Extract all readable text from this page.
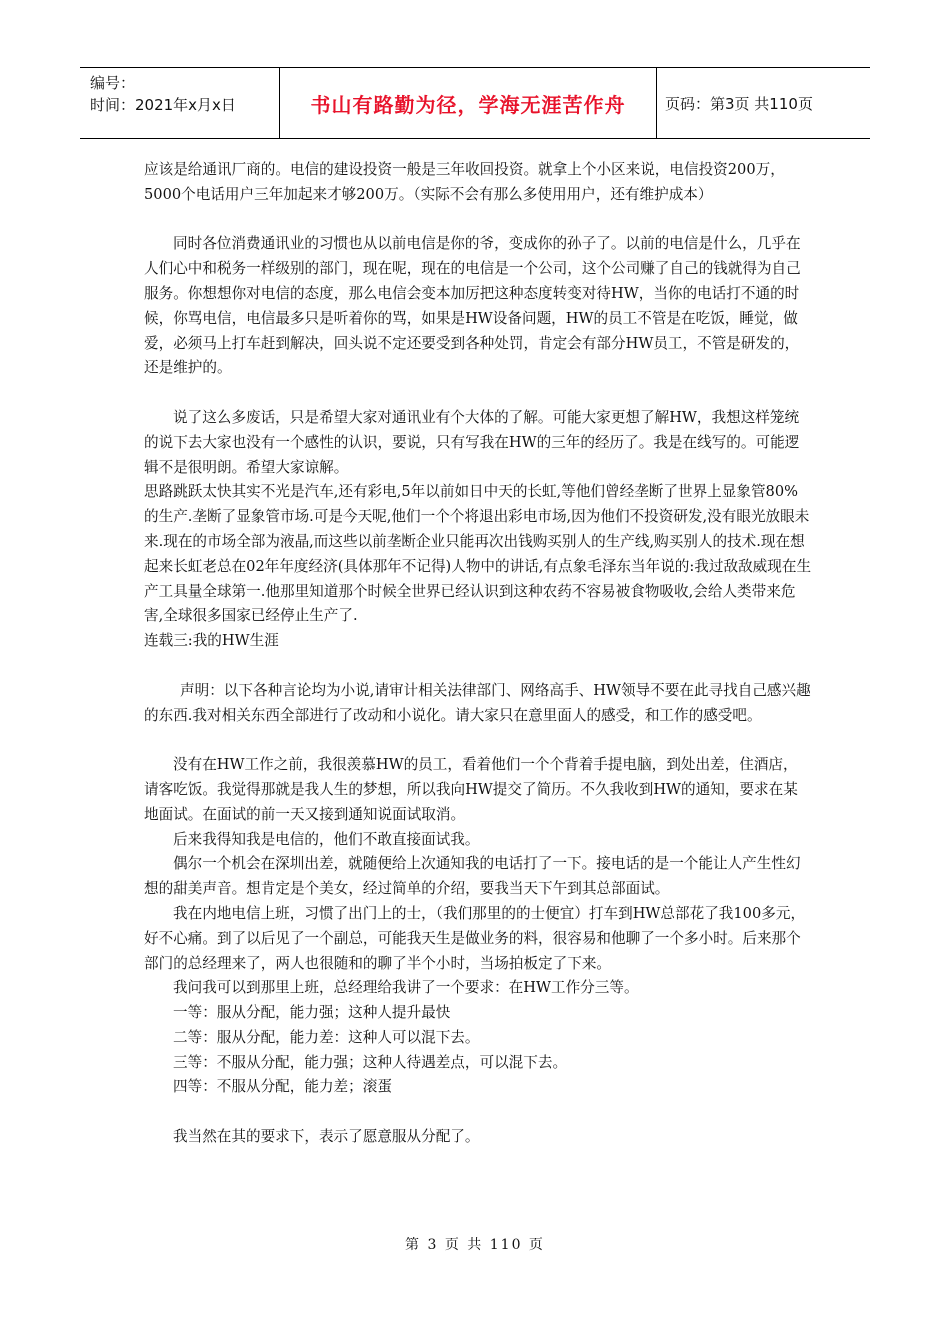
编号：
时间：2021年x月x日	书山有路勤为径，学海无涯苦作舟	页码：第3页 共110页

应该是给通讯厂商的。电信的建设投资一般是三年收回投资。就拿上个小区来说，电信投资200万，5000个电话用户三年加起来才够200万。（实际不会有那么多使用用户，还有维护成本）

同时各位消费通讯业的习惯也从以前电信是你的爷，变成你的孙子了。以前的电信是什么，几乎在人们心中和税务一样级别的部门，现在呢，现在的电信是一个公司，这个公司赚了自己的钱就得为自己服务。你想想你对电信的态度，那么电信会变本加厉把这种态度转变对待HW，当你的电话打不通的时候，你骂电信，电信最多只是听着你的骂，如果是HW设备问题，HW的员工不管是在吃饭，睡觉，做爱，必须马上打车赶到解决，回头说不定还要受到各种处罚，肯定会有部分HW员工，不管是研发的，还是维护的。

说了这么多废话，只是希望大家对通讯业有个大体的了解。可能大家更想了解HW，我想这样笼统的说下去大家也没有一个感性的认识，要说，只有写我在HW的三年的经历了。我是在线写的。可能逻辑不是很明朗。希望大家谅解。

思路跳跃太快其实不光是汽车,还有彩电,5年以前如日中天的长虹,等他们曾经垄断了世界上显象管80%的生产.垄断了显象管市场.可是今天呢,他们一个个将退出彩电市场,因为他们不投资研发,没有眼光放眼未来.现在的市场全部为液晶,而这些以前垄断企业只能再次出钱购买别人的生产线,购买别人的技术.现在想起来长虹老总在02年年度经济(具体那年不记得)人物中的讲话,有点象毛泽东当年说的:我过敌敌威现在生产工具量全球第一.他那里知道那个时候全世界已经认识到这种农药不容易被食物吸收,会给人类带来危害,全球很多国家已经停止生产了.

连载三:我的HW生涯

声明：以下各种言论均为小说,请审计相关法律部门、网络高手、HW领导不要在此寻找自己感兴趣的东西.我对相关东西全部进行了改动和小说化。请大家只在意里面人的感受，和工作的感受吧。

没有在HW工作之前，我很羡慕HW的员工，看着他们一个个背着手提电脑，到处出差，住酒店，请客吃饭。我觉得那就是我人生的梦想，所以我向HW提交了简历。不久我收到HW的通知，要求在某地面试。在面试的前一天又接到通知说面试取消。

后来我得知我是电信的，他们不敢直接面试我。

偶尔一个机会在深圳出差，就随便给上次通知我的电话打了一下。接电话的是一个能让人产生性幻想的甜美声音。想肯定是个美女，经过简单的介绍，要我当天下午到其总部面试。

我在内地电信上班，习惯了出门上的士，（我们那里的的士便宜）打车到HW总部花了我100多元，好不心痛。到了以后见了一个副总，可能我天生是做业务的料，很容易和他聊了一个多小时。后来那个部门的总经理来了，两人也很随和的聊了半个小时，当场拍板定了下来。

我问我可以到那里上班，总经理给我讲了一个要求：在HW工作分三等。

一等：服从分配，能力强；这种人提升最快

二等：服从分配，能力差：这种人可以混下去。

三等：不服从分配，能力强；这种人待遇差点，可以混下去。

四等：不服从分配，能力差；滚蛋

我当然在其的要求下，表示了愿意服从分配了。

第 3 页 共 110 页
